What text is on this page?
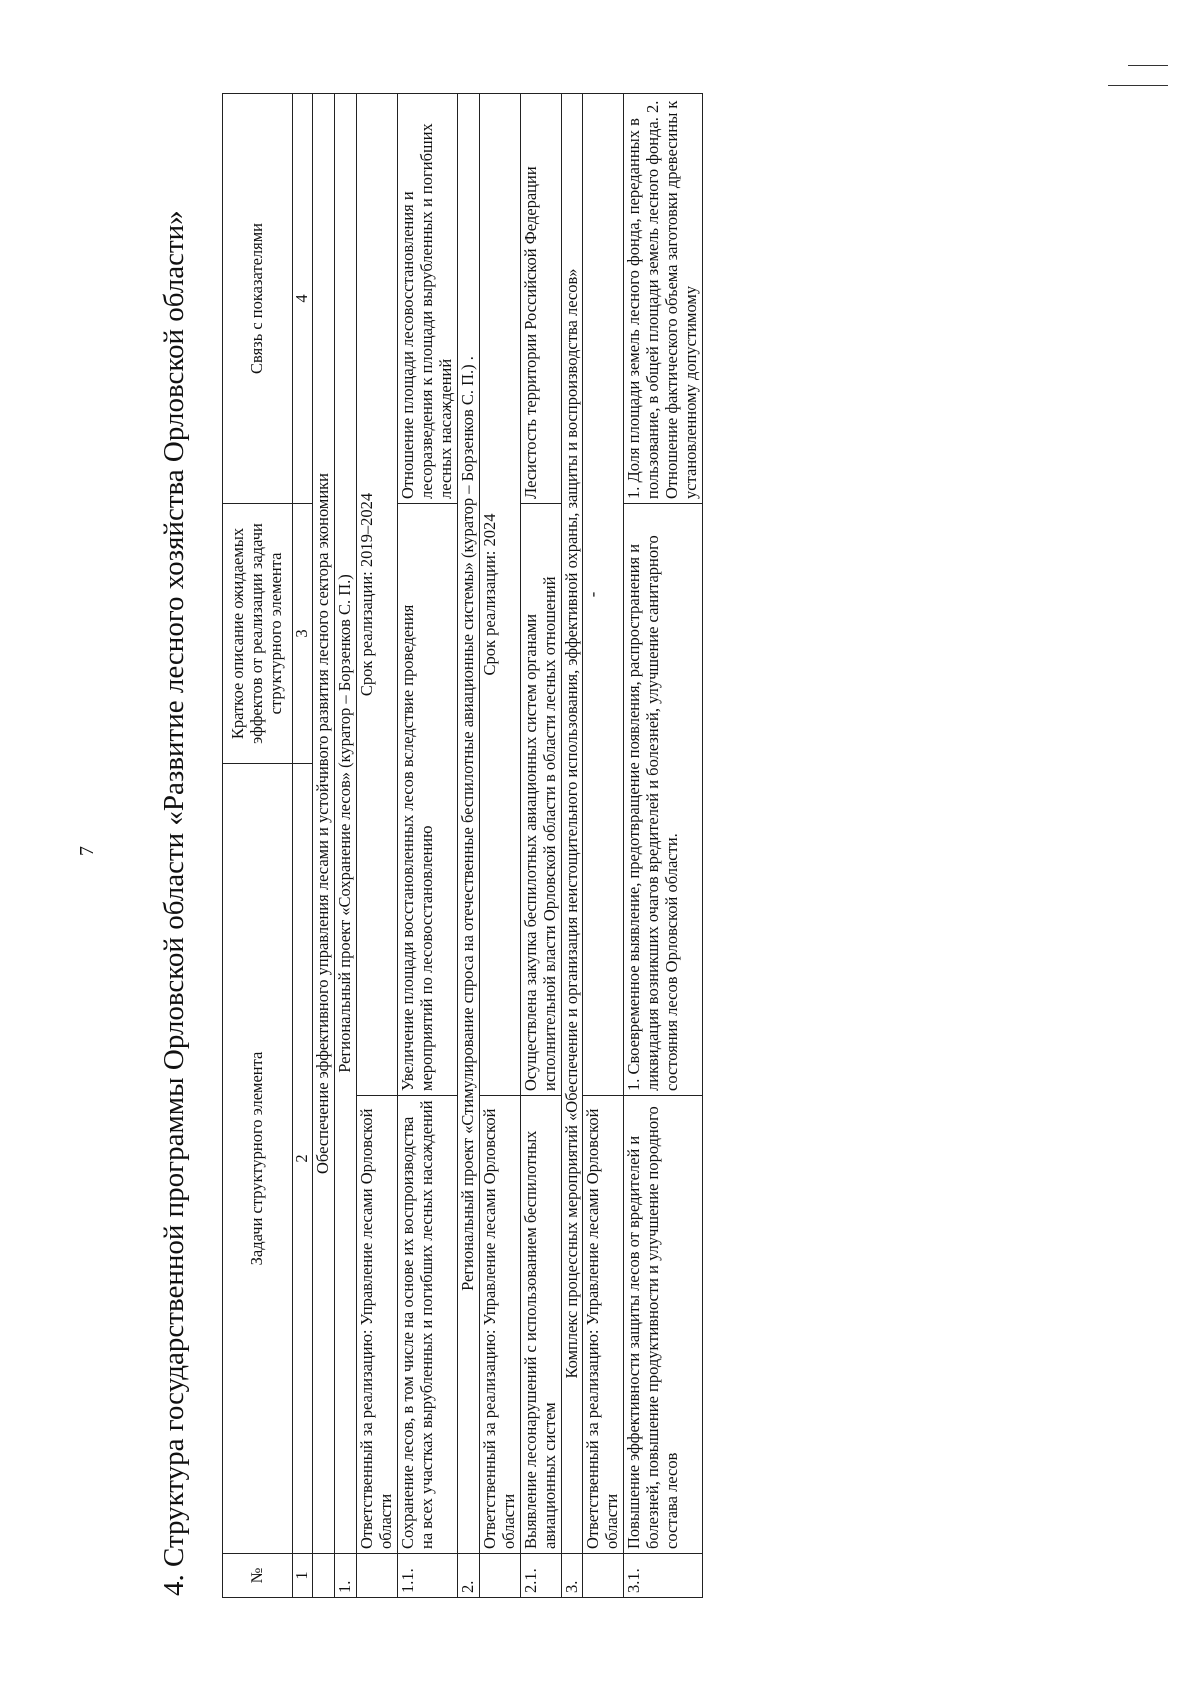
7 4. Структура государственной программы Орловской области «Развитие лесного хозяйства Орловской области»	№	Задачи структурного элемента		Краткое описание ожидаемых эффектов от реализации задачи структурного элемента	Связь с показателями
1	2		3	4
	Обеспечение эффективного управления лесами и устойчивого развития лесного сектора экономики			
1.	Региональный проект «Сохранение лесов» (куратор – Борзенков С. П.)			
	Ответственный за реализацию: Управление лесами Орловской области	Срок реализации: 2019–2024		
1.1.	Сохранение лесов, в том числе на основе их воспроизводства на всех участках вырубленных и погибших лесных насаждений	Увеличение площади восстановленных лесов вследствие проведения мероприятий по лесовосстановлению		Отношение площади лесовосстановления и лесоразведения к площади вырубленных и погибших лесных насаждений
2.	Региональный проект «Стимулирование спроса на отечественные беспилотные авиационные системы» (куратор – Борзенков С. П.) .			
	Ответственный за реализацию: Управление лесами Орловской области	Срок реализации: 2024		
2.1.	Выявление лесонарушений с использованием беспилотных авиационных систем	Осуществлена закупка беспилотных авиационных систем органами исполнительной власти Орловской области в области лесных отношений		Лесистость территории Российской Федерации
3.	Комплекс процессных мероприятий «Обеспечение и организация неистощительного использования, эффективной охраны, защиты и воспроизводства лесов»			
	Ответственный за реализацию: Управление лесами Орловской области	-		
3.1.	Повышение эффективности защиты лесов от вредителей и болезней, повышение продуктивности и улучшение породного состава лесов	1. Своевременное выявление, предотвращение появления, распространения и ликвидация возникших очагов вредителей и болезней, улучшение санитарного состояния лесов Орловской области.		1. Доля площади земель лесного фонда, переданных в пользование, в общей площади земель лесного фонда. 2. Отношение фактического объема заготовки древесины к установленному допустимому
